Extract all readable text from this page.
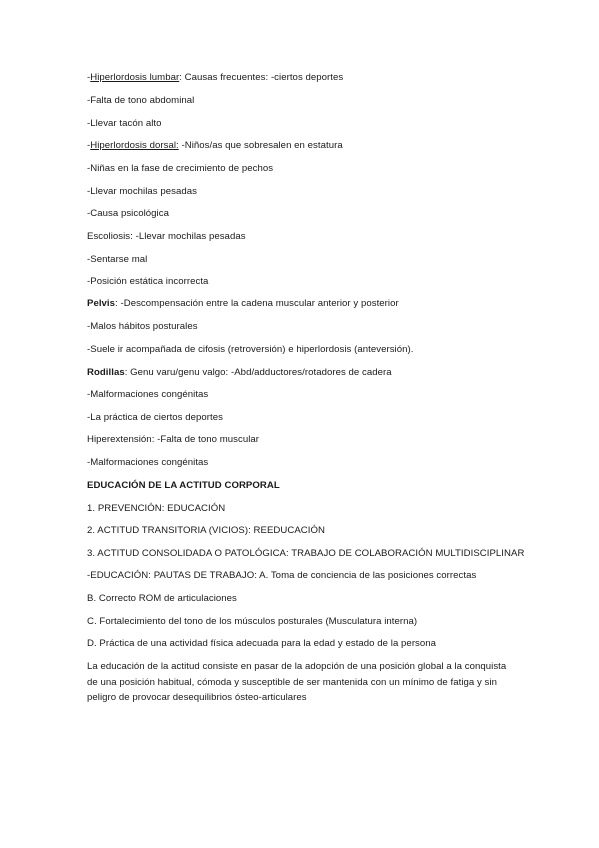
-Hiperlordosis lumbar: Causas frecuentes: -ciertos deportes
-Falta de tono abdominal
-Llevar tacón alto
-Hiperlordosis dorsal: -Niños/as que sobresalen en estatura
-Niñas en la fase de crecimiento de pechos
-Llevar mochilas pesadas
-Causa psicológica
Escoliosis: -Llevar mochilas pesadas
-Sentarse mal
-Posición estática incorrecta
Pelvis: -Descompensación entre la cadena muscular anterior y posterior
-Malos hábitos posturales
-Suele ir acompañada de cifosis (retroversión) e hiperlordosis (anteversión).
Rodillas: Genu varu/genu valgo: -Abd/adductores/rotadores de cadera
-Malformaciones congénitas
-La práctica de ciertos deportes
Hiperextensión: -Falta de tono muscular
-Malformaciones congénitas
EDUCACIÓN DE LA ACTITUD CORPORAL
1. PREVENCIÓN: EDUCACIÓN
2. ACTITUD TRANSITORIA (VICIOS): REEDUCACIÓN
3. ACTITUD CONSOLIDADA O PATOLÓGICA: TRABAJO DE COLABORACIÓN MULTIDISCIPLINAR
-EDUCACIÓN: PAUTAS DE TRABAJO: A. Toma de conciencia de las posiciones correctas
B. Correcto ROM de articulaciones
C. Fortalecimiento del tono de los músculos posturales (Musculatura interna)
D. Práctica de una actividad física adecuada para la edad y estado de la persona
La educación de la actitud consiste en pasar de la adopción de una posición global a la conquista de una posición habitual, cómoda y susceptible de ser mantenida con un mínimo de fatiga y sin peligro de provocar desequilibrios ósteo-articulares
